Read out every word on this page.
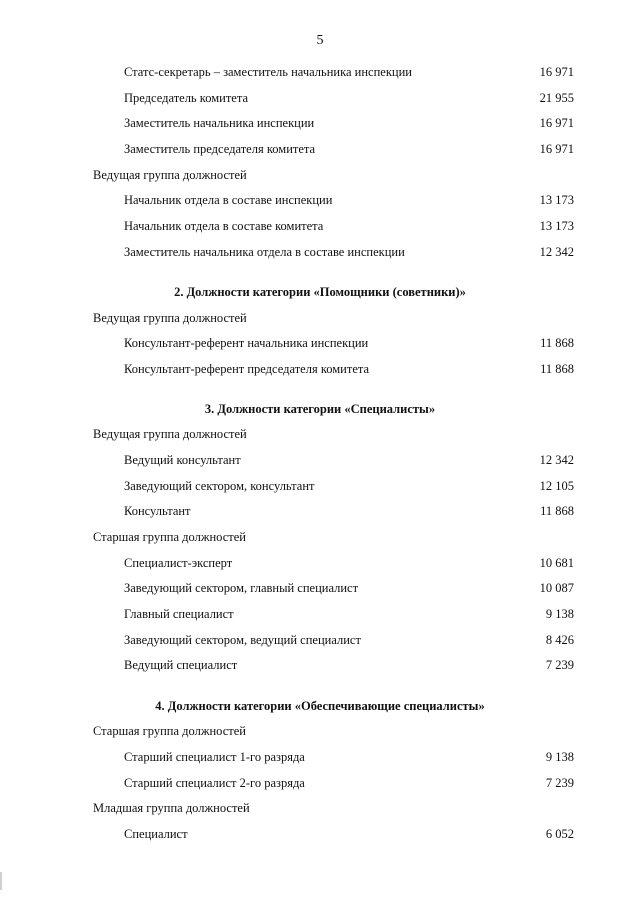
5
Статс-секретарь – заместитель начальника инспекции	16 971
Председатель комитета	21 955
Заместитель начальника инспекции	16 971
Заместитель председателя комитета	16 971
Ведущая группа должностей
Начальник отдела в составе инспекции	13 173
Начальник отдела в составе комитета	13 173
Заместитель начальника отдела в составе инспекции	12 342
2. Должности категории «Помощники (советники)»
Ведущая группа должностей
Консультант-референт начальника инспекции	11 868
Консультант-референт председателя комитета	11 868
3. Должности категории «Специалисты»
Ведущая группа должностей
Ведущий консультант	12 342
Заведующий сектором, консультант	12 105
Консультант	11 868
Старшая группа должностей
Специалист-эксперт	10 681
Заведующий сектором, главный специалист	10 087
Главный специалист	9 138
Заведующий сектором, ведущий специалист	8 426
Ведущий специалист	7 239
4. Должности категории «Обеспечивающие специалисты»
Старшая группа должностей
Старший специалист 1-го разряда	9 138
Старший специалист 2-го разряда	7 239
Младшая группа должностей
Специалист	6 052
